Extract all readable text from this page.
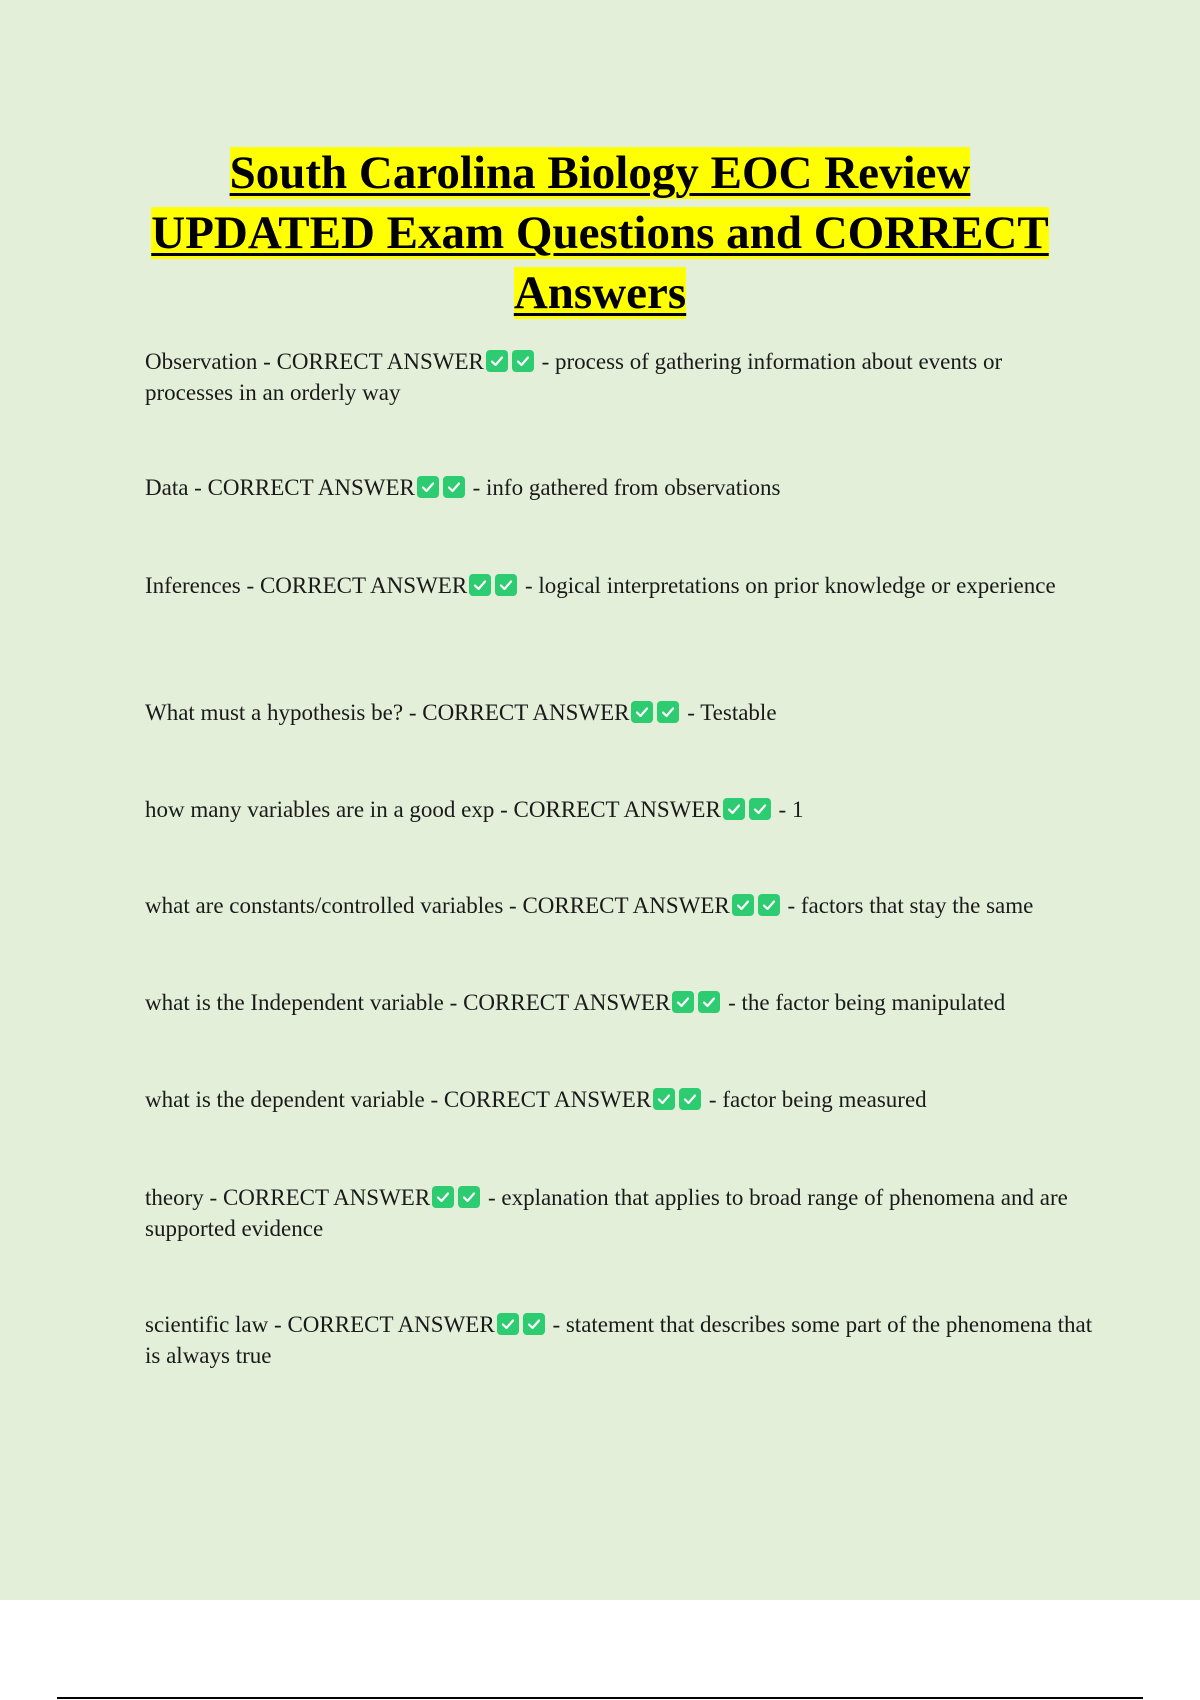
South Carolina Biology EOC Review
UPDATED Exam Questions and CORRECT
Answers

Observation - CORRECT ANSWER
- process of gathering information about events or processes in an orderly way

Data - CORRECT ANSWER
- info gathered from observations

Inferences - CORRECT ANSWER
- logical interpretations on prior knowledge or experience

What must a hypothesis be? - CORRECT ANSWER
- Testable

how many variables are in a good exp - CORRECT ANSWER
- 1

what are constants/controlled variables - CORRECT ANSWER
- factors that stay the same

what is the Independent variable - CORRECT ANSWER
- the factor being manipulated

what is the dependent variable - CORRECT ANSWER
- factor being measured

theory - CORRECT ANSWER
- explanation that applies to broad range of phenomena and are supported evidence

scientific law - CORRECT ANSWER
- statement that describes some part of the phenomena that is always true
